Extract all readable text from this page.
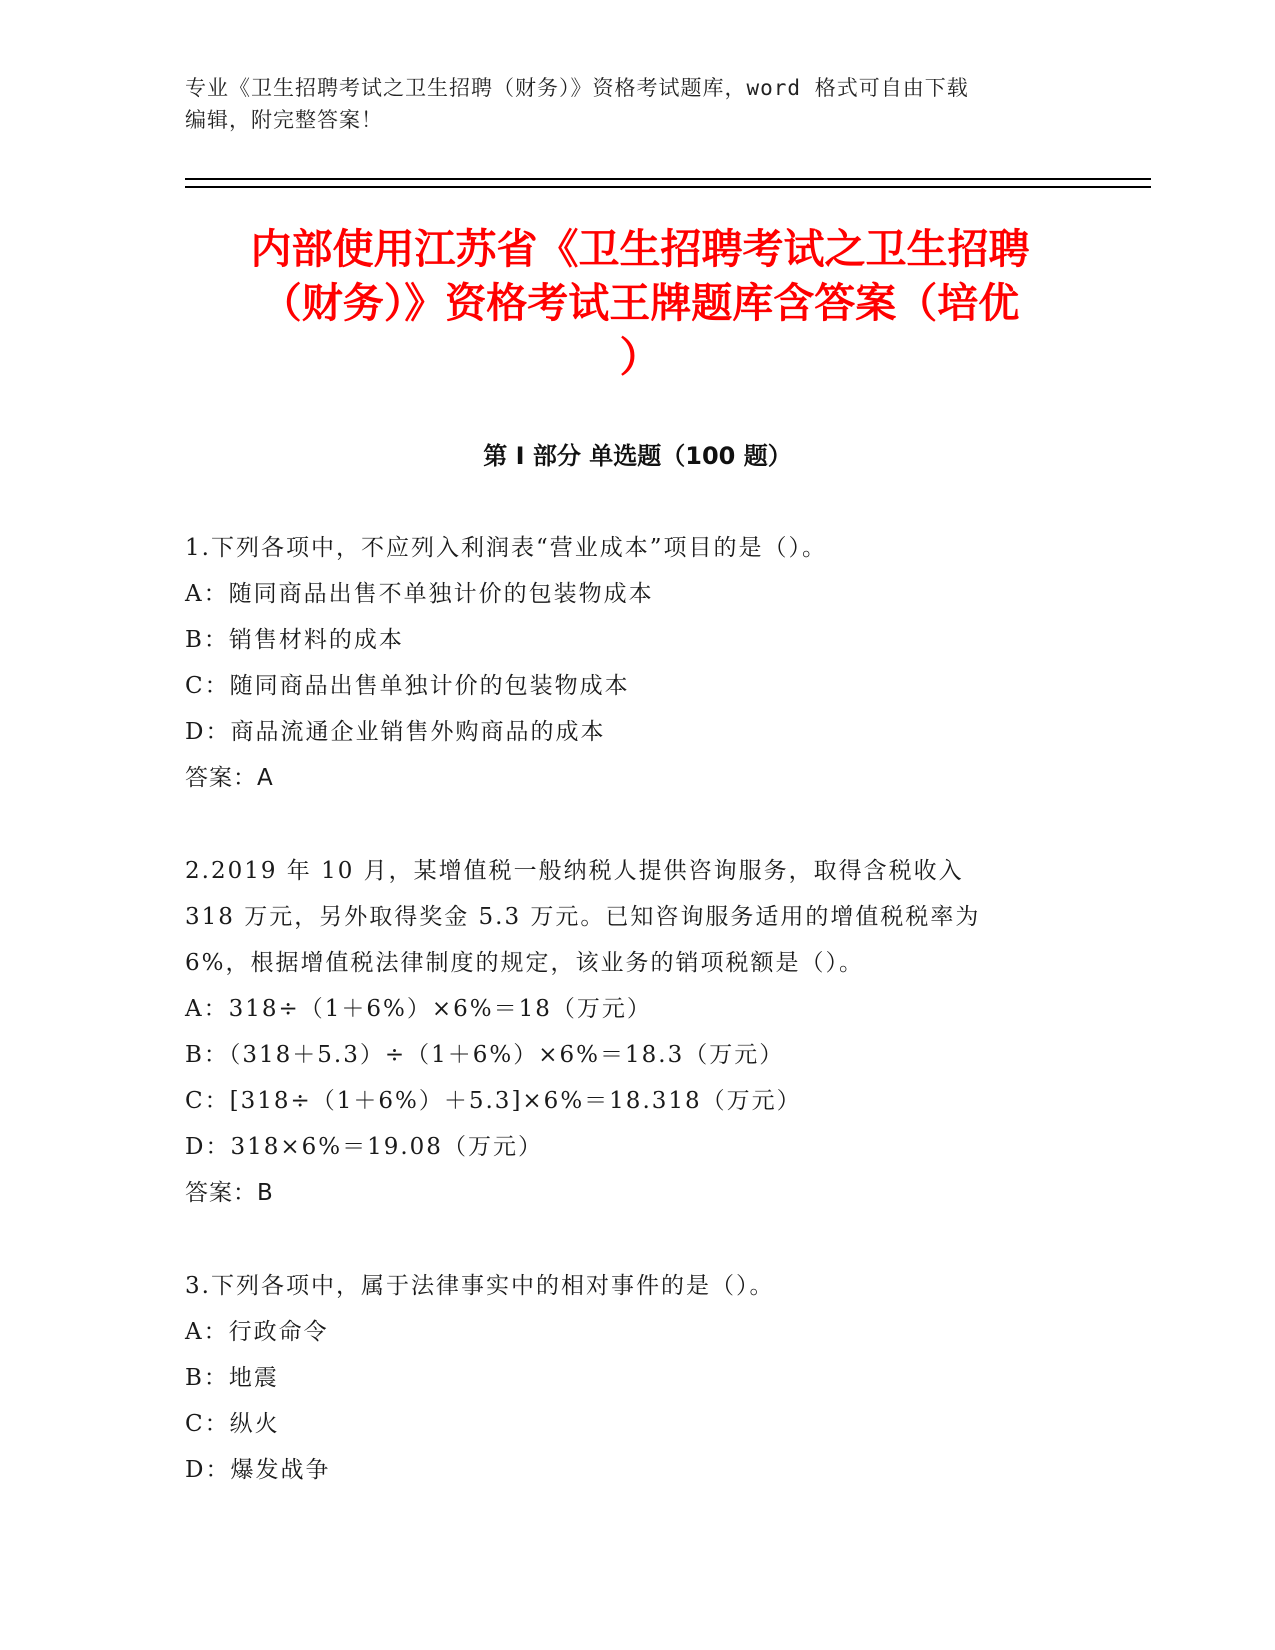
专业《卫生招聘考试之卫生招聘（财务）》资格考试题库，word 格式可自由下载
编辑，附完整答案！
内部使用江苏省《卫生招聘考试之卫生招聘
（财务）》资格考试王牌题库含答案（培优
）
第 I 部分 单选题（100 题）
1.下列各项中，不应列入利润表“营业成本”项目的是（）。
A：随同商品出售不单独计价的包装物成本
B：销售材料的成本
C：随同商品出售单独计价的包装物成本
D：商品流通企业销售外购商品的成本
答案：A
2.2019 年 10 月，某增值税一般纳税人提供咨询服务，取得含税收入
318 万元，另外取得奖金 5.3 万元。已知咨询服务适用的增值税税率为
6%，根据增值税法律制度的规定，该业务的销项税额是（）。
A：318÷（1＋6%）×6%＝18（万元）
B：（318＋5.3）÷（1＋6%）×6%＝18.3（万元）
C：[318÷（1＋6%）＋5.3]×6%＝18.318（万元）
D：318×6%＝19.08（万元）
答案：B
3.下列各项中，属于法律事实中的相对事件的是（）。
A：行政命令
B：地震
C：纵火
D：爆发战争
